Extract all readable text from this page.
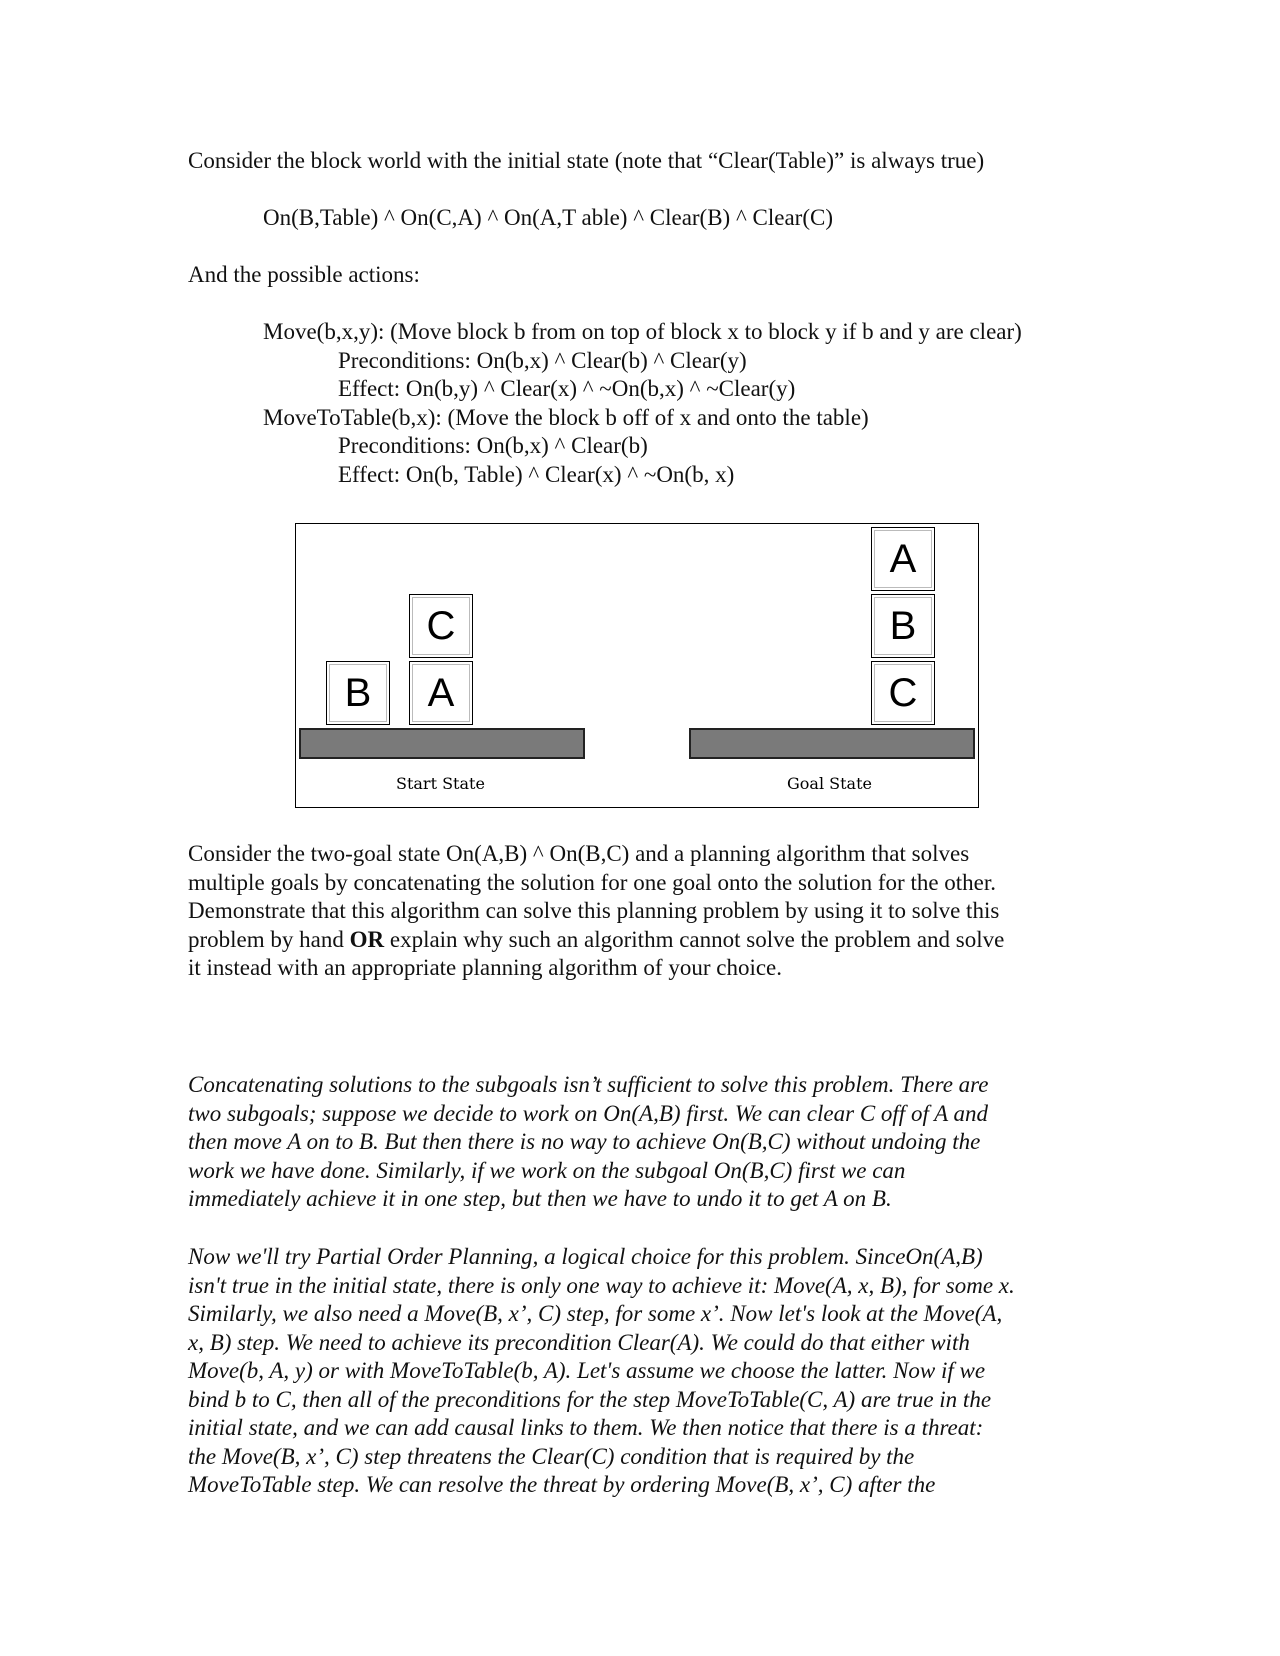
Consider the block world with the initial state (note that “Clear(Table)” is always true)
On(B,Table) ^ On(C,A) ^ On(A,T able) ^ Clear(B) ^ Clear(C)
And the possible actions:
Move(b,x,y): (Move block b from on top of block x to block y if b and y are clear)
Preconditions: On(b,x) ^ Clear(b) ^ Clear(y)
Effect: On(b,y) ^ Clear(x) ^ ~On(b,x) ^ ~Clear(y)
MoveToTable(b,x): (Move the block b off of x and onto the table)
Preconditions: On(b,x) ^ Clear(b)
Effect: On(b, Table) ^ Clear(x) ^ ~On(b, x)
B	A
C
Start State
C
B
A
Goal State
Consider the two-goal state On(A,B) ^ On(B,C) and a planning algorithm that solves
multiple goals by concatenating the solution for one goal onto the solution for the other.
Demonstrate that this algorithm can solve this planning problem by using it to solve this
problem by hand OR explain why such an algorithm cannot solve the problem and solve
it instead with an appropriate planning algorithm of your choice.
Concatenating solutions to the subgoals isn’t sufficient to solve this problem. There are
two subgoals; suppose we decide to work on On(A,B) first. We can clear C off of A and
then move A on to B. But then there is no way to achieve On(B,C) without undoing the
work we have done. Similarly, if we work on the subgoal On(B,C) first we can
immediately achieve it in one step, but then we have to undo it to get A on B.
Now we'll try Partial Order Planning, a logical choice for this problem. SinceOn(A,B)
isn't true in the initial state, there is only one way to achieve it: Move(A, x, B), for some x.
Similarly, we also need a Move(B, x’, C) step, for some x’. Now let's look at the Move(A,
x, B) step. We need to achieve its precondition Clear(A). We could do that either with
Move(b, A, y) or with MoveToTable(b, A). Let's assume we choose the latter. Now if we
bind b to C, then all of the preconditions for the step MoveToTable(C, A) are true in the
initial state, and we can add causal links to them. We then notice that there is a threat:
the Move(B, x’, C) step threatens the Clear(C) condition that is required by the
MoveToTable step. We can resolve the threat by ordering Move(B, x’, C) after the
